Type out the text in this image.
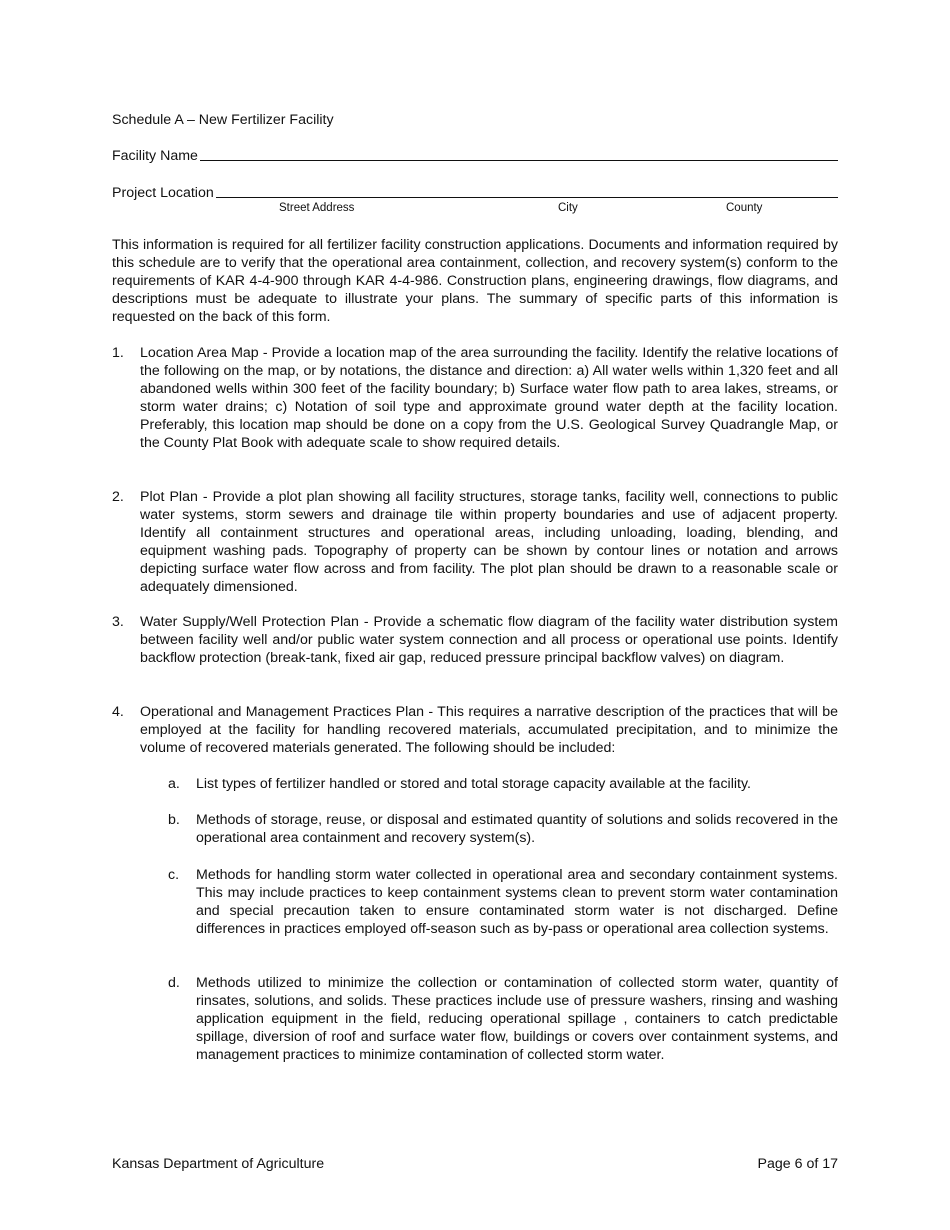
Schedule A – New Fertilizer Facility
Facility Name
Project Location
Street Address	City	County
This information is required for all fertilizer facility construction applications. Documents and information required by this schedule are to verify that the operational area containment, collection, and recovery system(s) conform to the requirements of KAR 4-4-900 through KAR 4-4-986. Construction plans, engineering drawings, flow diagrams, and descriptions must be adequate to illustrate your plans. The summary of specific parts of this information is requested on the back of this form.
1.	Location Area Map - Provide a location map of the area surrounding the facility. Identify the relative locations of the following on the map, or by notations, the distance and direction: a) All water wells within 1,320 feet and all abandoned wells within 300 feet of the facility boundary; b) Surface water flow path to area lakes, streams, or storm water drains; c) Notation of soil type and approximate ground water depth at the facility location. Preferably, this location map should be done on a copy from the U.S. Geological Survey Quadrangle Map, or the County Plat Book with adequate scale to show required details.
2.	Plot Plan - Provide a plot plan showing all facility structures, storage tanks, facility well, connections to public water systems, storm sewers and drainage tile within property boundaries and use of adjacent property. Identify all containment structures and operational areas, including unloading, loading, blending, and equipment washing pads. Topography of property can be shown by contour lines or notation and arrows depicting surface water flow across and from facility. The plot plan should be drawn to a reasonable scale or adequately dimensioned.
3.	Water Supply/Well Protection Plan - Provide a schematic flow diagram of the facility water distribution system between facility well and/or public water system connection and all process or operational use points. Identify backflow protection (break-tank, fixed air gap, reduced pressure principal backflow valves) on diagram.
4.	Operational and Management Practices Plan - This requires a narrative description of the practices that will be employed at the facility for handling recovered materials, accumulated precipitation, and to minimize the volume of recovered materials generated. The following should be included:
a.	List types of fertilizer handled or stored and total storage capacity available at the facility.
b.	Methods of storage, reuse, or disposal and estimated quantity of solutions and solids recovered in the operational area containment and recovery system(s).
c.	Methods for handling storm water collected in operational area and secondary containment systems. This may include practices to keep containment systems clean to prevent storm water contamination and special precaution taken to ensure contaminated storm water is not discharged. Define differences in practices employed off-season such as by-pass or operational area collection systems.
d.	Methods utilized to minimize the collection or contamination of collected storm water, quantity of rinsates, solutions, and solids. These practices include use of pressure washers, rinsing and washing application equipment in the field, reducing operational spillage , containers to catch predictable spillage, diversion of roof and surface water flow, buildings or covers over containment systems, and management practices to minimize contamination of collected storm water.
Kansas Department of Agriculture	Page 6 of 17
